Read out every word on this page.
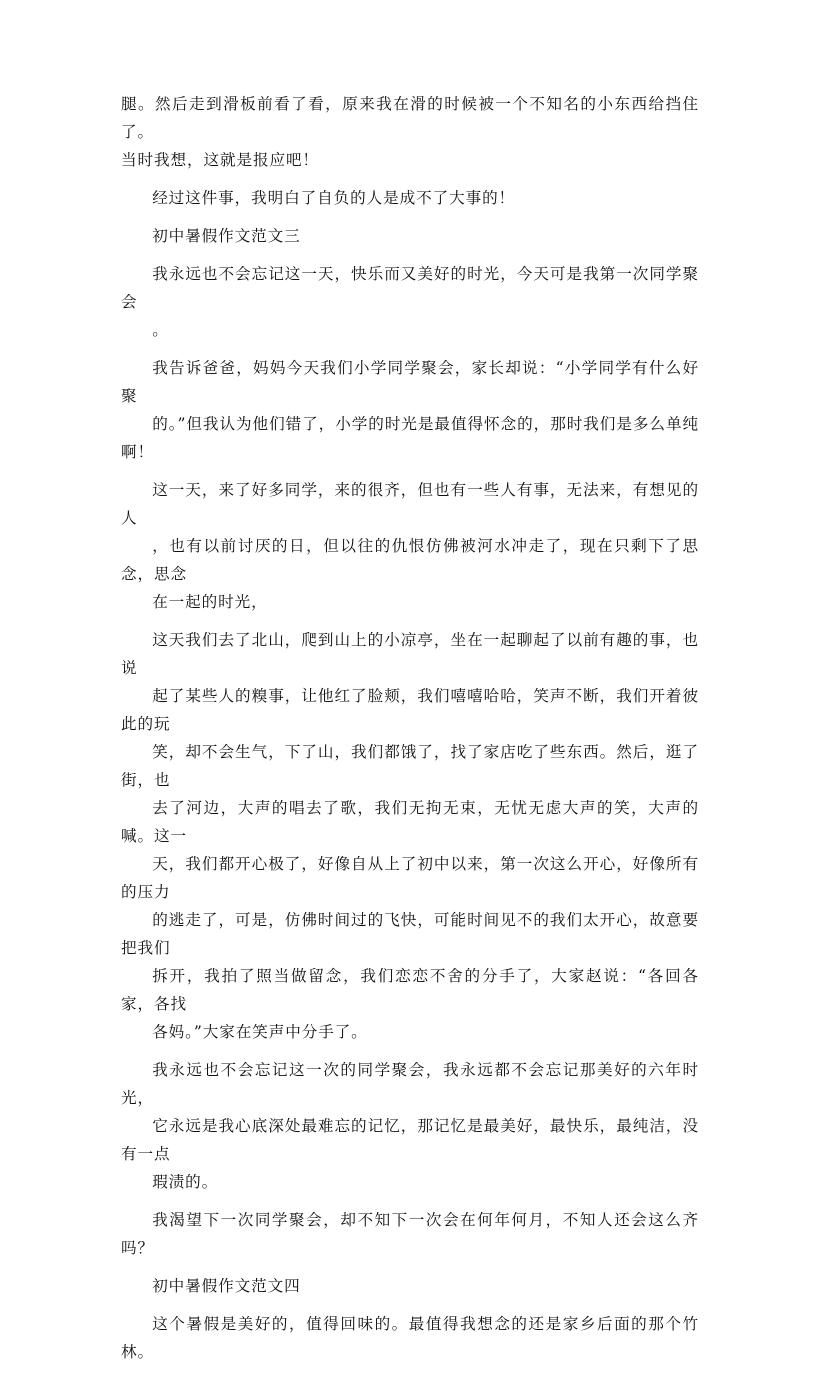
腿。然后走到滑板前看了看，原来我在滑的时候被一个不知名的小东西给挡住了。
当时我想，这就是报应吧！

经过这件事，我明白了自负的人是成不了大事的！

初中暑假作文范文三

我永远也不会忘记这一天，快乐而又美好的时光，今天可是我第一次同学聚会
。

我告诉爸爸，妈妈今天我们小学同学聚会，家长却说：“小学同学有什么好聚
的。”但我认为他们错了，小学的时光是最值得怀念的，那时我们是多么单纯啊！

这一天，来了好多同学，来的很齐，但也有一些人有事，无法来，有想见的人
，也有以前讨厌的日，但以往的仇恨仿佛被河水冲走了，现在只剩下了思念，思念
在一起的时光，

这天我们去了北山，爬到山上的小凉亭，坐在一起聊起了以前有趣的事，也说
起了某些人的糗事，让他红了脸颊，我们嘻嘻哈哈，笑声不断，我们开着彼此的玩
笑，却不会生气，下了山，我们都饿了，找了家店吃了些东西。然后，逛了街，也
去了河边，大声的唱去了歌，我们无拘无束，无忧无虑大声的笑，大声的喊。这一
天，我们都开心极了，好像自从上了初中以来，第一次这么开心，好像所有的压力
的逃走了，可是，仿佛时间过的飞快，可能时间见不的我们太开心，故意要把我们
拆开，我拍了照当做留念，我们恋恋不舍的分手了，大家赵说：“各回各家，各找
各妈。”大家在笑声中分手了。

我永远也不会忘记这一次的同学聚会，我永远都不会忘记那美好的六年时光，
它永远是我心底深处最难忘的记忆，那记忆是最美好，最快乐，最纯洁，没有一点
瑕渍的。

我渴望下一次同学聚会，却不知下一次会在何年何月，不知人还会这么齐吗？

初中暑假作文范文四

这个暑假是美好的，值得回味的。最值得我想念的还是家乡后面的那个竹林。
